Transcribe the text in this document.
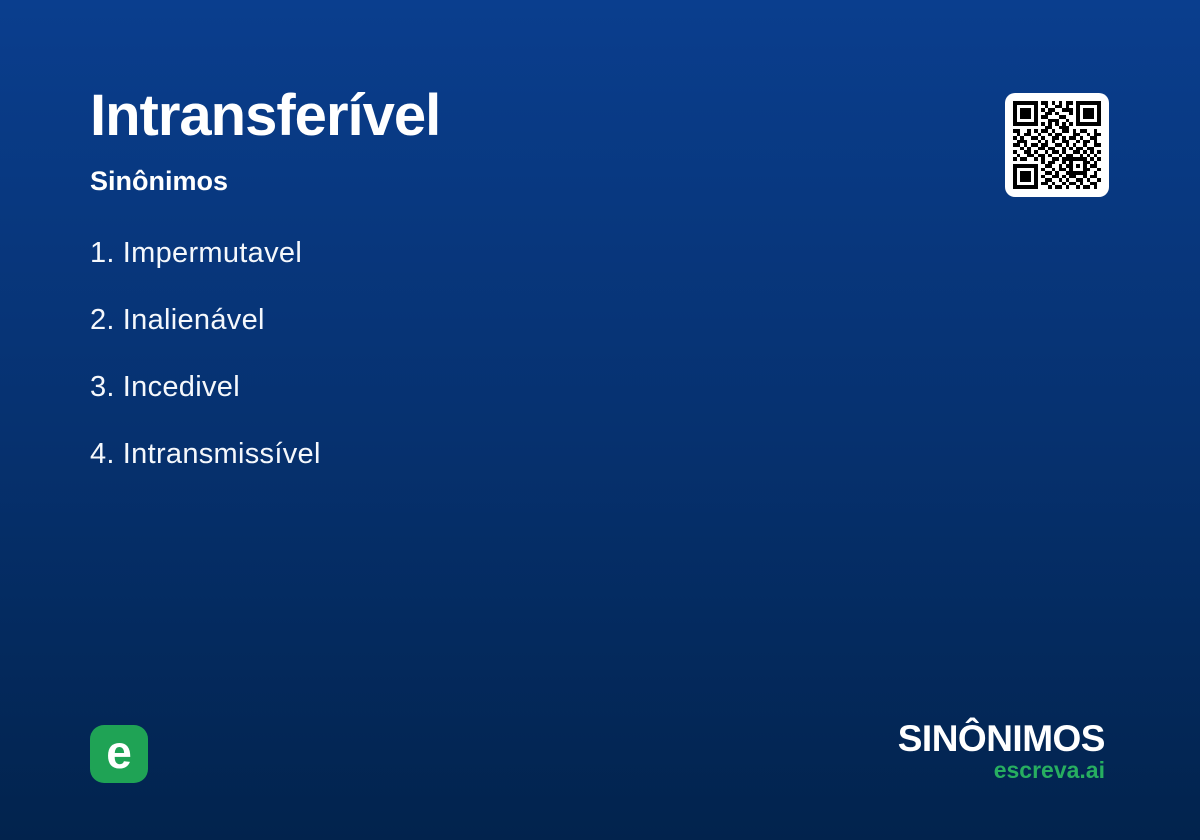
Intransferível
Sinônimos
1. Impermutavel
2. Inalienável
3. Incedivel
4. Intransmissível
e	SINÔNIMOS
escreva.ai
